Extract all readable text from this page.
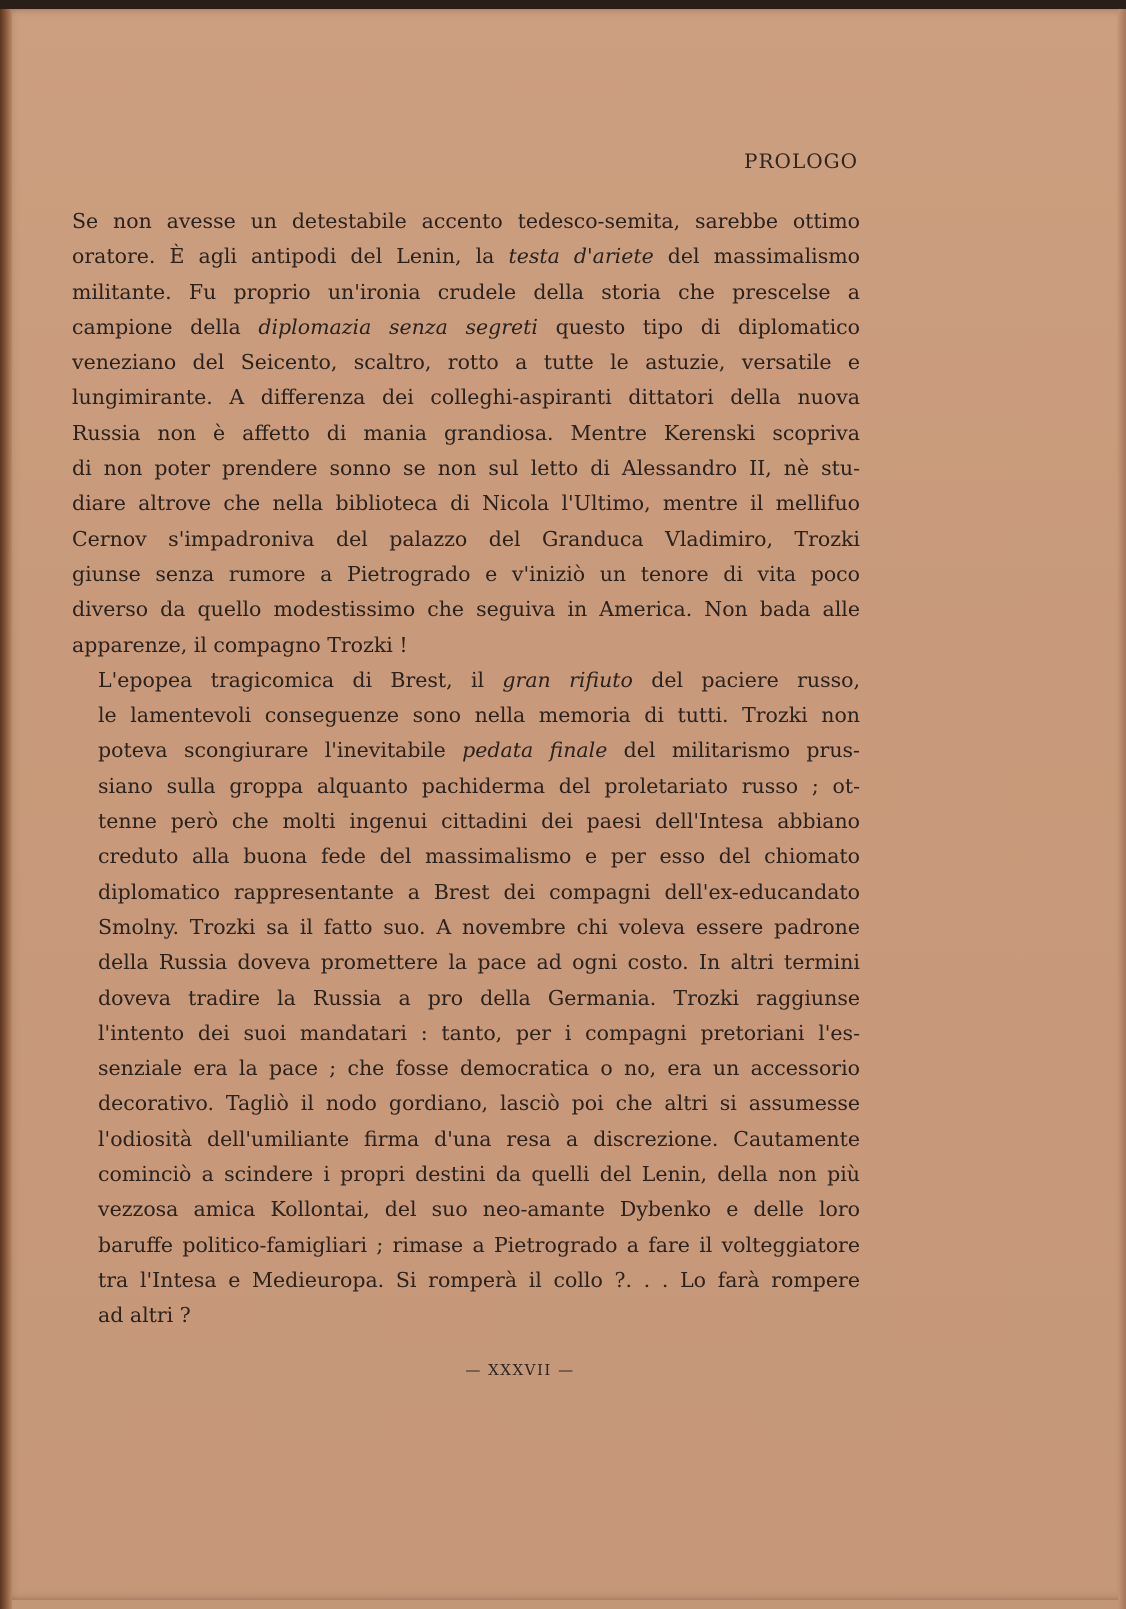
PROLOGO

Se non avesse un detestabile accento tedesco-semita, sarebbe ottimo
oratore. È agli antipodi del Lenin, la testa d'ariete del massimalismo
militante. Fu proprio un'ironia crudele della storia che prescelse a
campione della diplomazia senza segreti questo tipo di diplomatico
veneziano del Seicento, scaltro, rotto a tutte le astuzie, versatile e
lungimirante. A differenza dei colleghi-aspiranti dittatori della nuova
Russia non è affetto di mania grandiosa. Mentre Kerenski scopriva
di non poter prendere sonno se non sul letto di Alessandro II, nè stu-
diare altrove che nella biblioteca di Nicola l'Ultimo, mentre il mellifuo
Cernov s'impadroniva del palazzo del Granduca Vladimiro, Trozki
giunse senza rumore a Pietrogrado e v'iniziò un tenore di vita poco
diverso da quello modestissimo che seguiva in America. Non bada alle
apparenze, il compagno Trozki !

L'epopea tragicomica di Brest, il gran rifiuto del paciere russo,
le lamentevoli conseguenze sono nella memoria di tutti. Trozki non
poteva scongiurare l'inevitabile pedata finale del militarismo prus-
siano sulla groppa alquanto pachiderma del proletariato russo ; ot-
tenne però che molti ingenui cittadini dei paesi dell'Intesa abbiano
creduto alla buona fede del massimalismo e per esso del chiomato
diplomatico rappresentante a Brest dei compagni dell'ex-educandato
Smolny. Trozki sa il fatto suo. A novembre chi voleva essere padrone
della Russia doveva promettere la pace ad ogni costo. In altri termini
doveva tradire la Russia a pro della Germania. Trozki raggiunse
l'intento dei suoi mandatari : tanto, per i compagni pretoriani l'es-
senziale era la pace ; che fosse democratica o no, era un accessorio
decorativo. Tagliò il nodo gordiano, lasciò poi che altri si assumesse
l'odiosità dell'umiliante firma d'una resa a discrezione. Cautamente
cominciò a scindere i propri destini da quelli del Lenin, della non più
vezzosa amica Kollontai, del suo neo-amante Dybenko e delle loro
baruffe politico-famigliari ; rimase a Pietrogrado a fare il volteggiatore
tra l'Intesa e Medieuropa. Si romperà il collo ?. . . Lo farà rompere
ad altri ?

— XXXVII —
